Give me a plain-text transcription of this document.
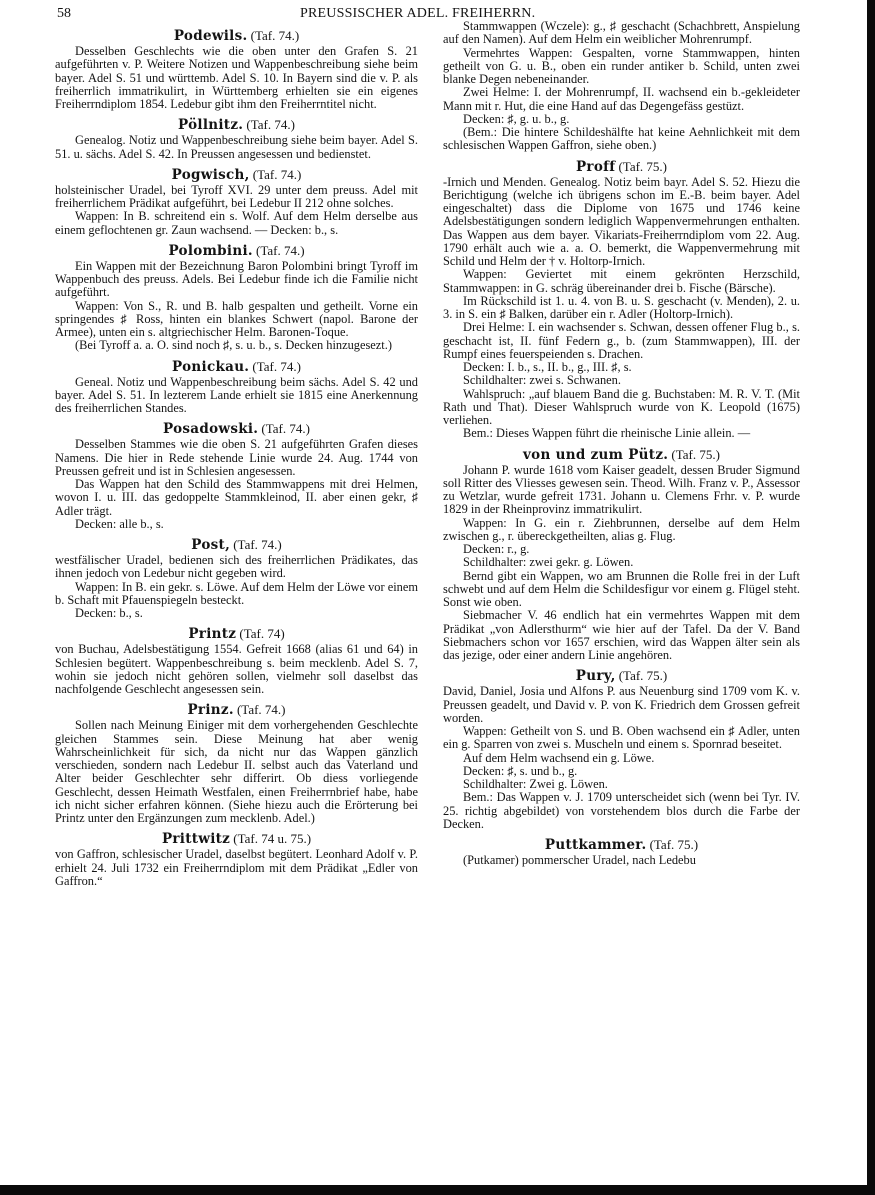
58	PREUSSISCHER ADEL. FREIHERRN.
Podewils. (Taf. 74.)

Desselben Geschlechts wie die oben unter den Grafen S. 21 aufgeführten v. P. Weitere Notizen und Wappenbeschreibung siehe beim bayer. Adel S. 51 und württemb. Adel S. 10. In Bayern sind die v. P. als freiherrlich immatrikulirt, in Württemberg erhielten sie ein eigenes Freiherrndiplom 1854. Ledebur gibt ihm den Freiherrntitel nicht.

Pöllnitz. (Taf. 74.)

Genealog. Notiz und Wappenbeschreibung siehe beim bayer. Adel S. 51. u. sächs. Adel S. 42. In Preussen angesessen und bedienstet.

Pogwisch, (Taf. 74.)

holsteinischer Uradel, bei Tyroff XVI. 29 unter dem preuss. Adel mit freiherrlichem Prädikat aufgeführt, bei Ledebur II 212 ohne solches.

Wappen: In B. schreitend ein s. Wolf. Auf dem Helm derselbe aus einem geflochtenen gr. Zaun wachsend. — Decken: b., s.

Polombini. (Taf. 74.)

Ein Wappen mit der Bezeichnung Baron Polombini bringt Tyroff im Wappenbuch des preuss. Adels. Bei Ledebur finde ich die Familie nicht aufgeführt.

Wappen: Von S., R. und B. halb gespalten und getheilt. Vorne ein springendes ♯ Ross, hinten ein blankes Schwert (napol. Barone der Armee), unten ein s. altgriechischer Helm. Baronen-Toque.

(Bei Tyroff a. a. O. sind noch ♯, s. u. b., s. Decken hinzugesezt.)

Ponickau. (Taf. 74.)

Geneal. Notiz und Wappenbeschreibung beim sächs. Adel S. 42 und bayer. Adel S. 51. In lezterem Lande erhielt sie 1815 eine Anerkennung des freiherrlichen Standes.

Posadowski. (Taf. 74.)

Desselben Stammes wie die oben S. 21 aufgeführten Grafen dieses Namens. Die hier in Rede stehende Linie wurde 24. Aug. 1744 von Preussen gefreit und ist in Schlesien angesessen.

Das Wappen hat den Schild des Stammwappens mit drei Helmen, wovon I. u. III. das gedoppelte Stammkleinod, II. aber einen gekr, ♯ Adler trägt.

Decken: alle b., s.

Post, (Taf. 74.)

westfälischer Uradel, bedienen sich des freiherrlichen Prädikates, das ihnen jedoch von Ledebur nicht gegeben wird.

Wappen: In B. ein gekr. s. Löwe. Auf dem Helm der Löwe vor einem b. Schaft mit Pfauenspiegeln besteckt.

Decken: b., s.

Printz (Taf. 74)

von Buchau, Adelsbestätigung 1554. Gefreit 1668 (alias 61 und 64) in Schlesien begütert. Wappenbeschreibung s. beim mecklenb. Adel S. 7, wohin sie jedoch nicht gehören sollen, vielmehr soll daselbst das nachfolgende Geschlecht angesessen sein.

Prinz. (Taf. 74.)

Sollen nach Meinung Einiger mit dem vorhergehenden Geschlechte gleichen Stammes sein. Diese Meinung hat aber wenig Wahrscheinlichkeit für sich, da nicht nur das Wappen gänzlich verschieden, sondern nach Ledebur II. selbst auch das Vaterland und Alter beider Geschlechter sehr differirt. Ob diess vorliegende Geschlecht, dessen Heimath Westfalen, einen Freiherrnbrief habe, habe ich nicht sicher erfahren können. (Siehe hiezu auch die Erörterung bei Printz unter den Ergänzungen zum mecklenb. Adel.)

Prittwitz (Taf. 74 u. 75.)

von Gaffron, schlesischer Uradel, daselbst begütert. Leonhard Adolf v. P. erhielt 24. Juli 1732 ein Freiherrndiplom mit dem Prädikat „Edler von Gaffron.“

Stammwappen (Wczele): g., ♯ geschacht (Schachbrett, Anspielung auf den Namen). Auf dem Helm ein weiblicher Mohrenrumpf.

Vermehrtes Wappen: Gespalten, vorne Stammwappen, hinten getheilt von G. u. B., oben ein runder antiker b. Schild, unten zwei blanke Degen nebeneinander.

Zwei Helme: I. der Mohrenrumpf, II. wachsend ein b.-gekleideter Mann mit r. Hut, die eine Hand auf das Degengefäss gestüzt.

Decken: ♯, g. u. b., g.

(Bem.: Die hintere Schildeshälfte hat keine Aehnlichkeit mit dem schlesischen Wappen Gaffron, siehe oben.)

Proff (Taf. 75.)

-Irnich und Menden. Genealog. Notiz beim bayr. Adel S. 52. Hiezu die Berichtigung (welche ich übrigens schon im E.-B. beim bayer. Adel eingeschaltet) dass die Diplome von 1675 und 1746 keine Adelsbestätigungen sondern lediglich Wappenvermehrungen enthalten. Das Wappen aus dem bayer. Vikariats-Freiherrndiplom vom 22. Aug. 1790 erhält auch wie a. a. O. bemerkt, die Wappenvermehrung mit Schild und Helm der † v. Holtorp-Irnich.

Wappen: Geviertet mit einem gekrönten Herzschild, Stammwappen: in G. schräg übereinander drei b. Fische (Bärsche).

Im Rückschild ist 1. u. 4. von B. u. S. geschacht (v. Menden), 2. u. 3. in S. ein ♯ Balken, darüber ein r. Adler (Holtorp-Irnich).

Drei Helme: I. ein wachsender s. Schwan, dessen offener Flug b., s. geschacht ist, II. fünf Federn g., b. (zum Stammwappen), III. der Rumpf eines feuerspeienden s. Drachen.

Decken: I. b., s., II. b., g., III. ♯, s.

Schildhalter: zwei s. Schwanen.

Wahlspruch: „auf blauem Band die g. Buchstaben: M. R. V. T. (Mit Rath und That). Dieser Wahlspruch wurde von K. Leopold (1675) verliehen.

Bem.: Dieses Wappen führt die rheinische Linie allein. —

von und zum Pütz. (Taf. 75.)

Johann P. wurde 1618 vom Kaiser geadelt, dessen Bruder Sigmund soll Ritter des Vliesses gewesen sein. Theod. Wilh. Franz v. P., Assessor zu Wetzlar, wurde gefreit 1731. Johann u. Clemens Frhr. v. P. wurde 1829 in der Rheinprovinz immatrikulirt.

Wappen: In G. ein r. Ziehbrunnen, derselbe auf dem Helm zwischen g., r. übereckgetheilten, alias g. Flug.

Decken: r., g.

Schildhalter: zwei gekr. g. Löwen.

Bernd gibt ein Wappen, wo am Brunnen die Rolle frei in der Luft schwebt und auf dem Helm die Schildesfigur vor einem g. Flügel steht. Sonst wie oben.

Siebmacher V. 46 endlich hat ein vermehrtes Wappen mit dem Prädikat „von Adlersthurm“ wie hier auf der Tafel. Da der V. Band Siebmachers schon vor 1657 erschien, wird das Wappen älter sein als das jezige, oder einer andern Linie angehören.

Pury, (Taf. 75.)

David, Daniel, Josia und Alfons P. aus Neuenburg sind 1709 vom K. v. Preussen geadelt, und David v. P. von K. Friedrich dem Grossen gefreit worden.

Wappen: Getheilt von S. und B. Oben wachsend ein ♯ Adler, unten ein g. Sparren von zwei s. Muscheln und einem s. Spornrad beseitet.

Auf dem Helm wachsend ein g. Löwe.

Decken: ♯, s. und b., g.

Schildhalter: Zwei g. Löwen.

Bem.: Das Wappen v. J. 1709 unterscheidet sich (wenn bei Tyr. IV. 25. richtig abgebildet) von vorstehendem blos durch die Farbe der Decken.

Puttkammer. (Taf. 75.)

(Putkamer) pommerscher Uradel, nach Ledebu
